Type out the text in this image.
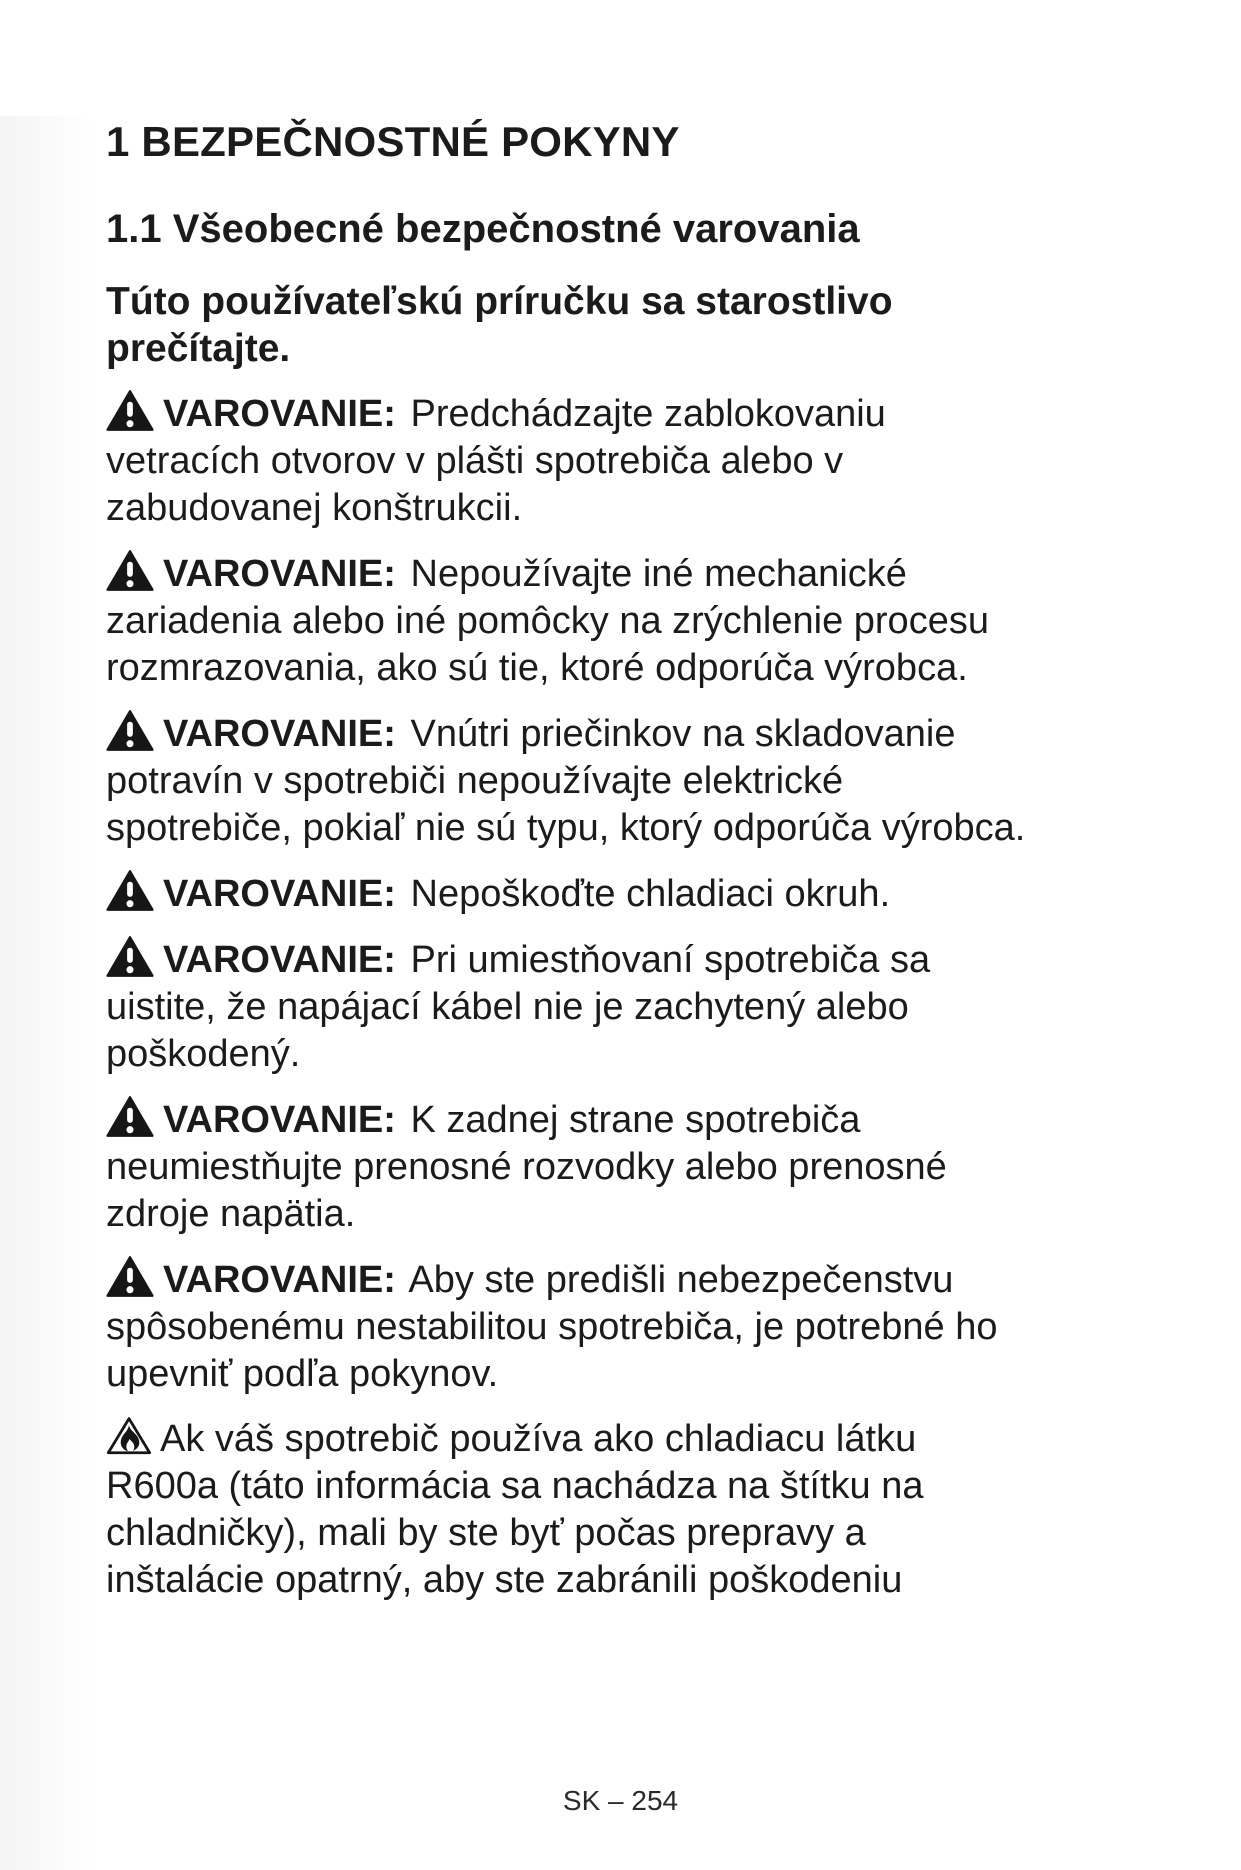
1 BEZPEČNOSTNÉ POKYNY
1.1 Všeobecné bezpečnostné varovania

Túto používateľskú príručku sa starostlivo
prečítajte.

VAROVANIE: Predchádzajte zablokovaniu
vetracích otvorov v plášti spotrebiča alebo v
zabudovanej konštrukcii.

VAROVANIE: Nepoužívajte iné mechanické
zariadenia alebo iné pomôcky na zrýchlenie procesu
rozmrazovania, ako sú tie, ktoré odporúča výrobca.

VAROVANIE: Vnútri priečinkov na skladovanie
potravín v spotrebiči nepoužívajte elektrické
spotrebiče, pokiaľ nie sú typu, ktorý odporúča výrobca.

VAROVANIE: Nepoškoďte chladiaci okruh.

VAROVANIE: Pri umiestňovaní spotrebiča sa
uistite, že napájací kábel nie je zachytený alebo
poškodený.

VAROVANIE: K zadnej strane spotrebiča
neumiestňujte prenosné rozvodky alebo prenosné
zdroje napätia.

VAROVANIE: Aby ste predišli nebezpečenstvu
spôsobenému nestabilitou spotrebiča, je potrebné ho
upevniť podľa pokynov.

Ak váš spotrebič používa ako chladiacu látku
R600a (táto informácia sa nachádza na štítku na
chladničky), mali by ste byť počas prepravy a
inštalácie opatrný, aby ste zabránili poškodeniu

SK – 254
